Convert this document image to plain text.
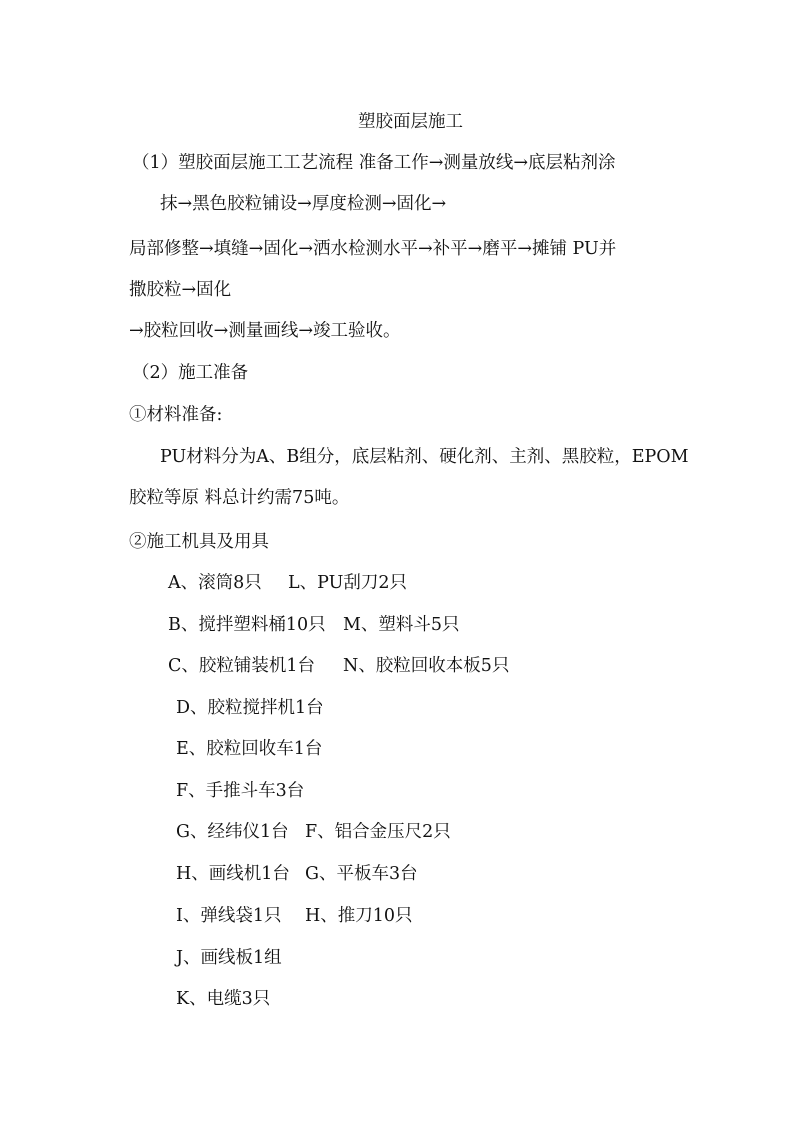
塑胶面层施工
（1）塑胶面层施工工艺流程 准备工作→测量放线→底层粘剂涂
抹→黑色胶粒铺设→厚度检测→固化→
局部修整→填缝→固化→洒水检测水平→补平→磨平→摊铺 PU并
撒胶粒→固化
→胶粒回收→测量画线→竣工验收。
（2）施工准备
①材料准备:
PU材料分为A、B组分，底层粘剂、硬化剂、主剂、黑胶粒，EPOM
胶粒等原 料总计约需75吨。
②施工机具及用具
A、滚筒8只 L、PU刮刀2只
B、搅拌塑料桶10只 M、塑料斗5只
C、胶粒铺装机1台 N、胶粒回收本板5只
D、胶粒搅拌机1台
E、胶粒回收车1台
F、手推斗车3台
G、经纬仪1台 F、铝合金压尺2只
H、画线机1台 G、平板车3台
I、弹线袋1只 H、推刀10只
J、画线板1组
K、电缆3只
